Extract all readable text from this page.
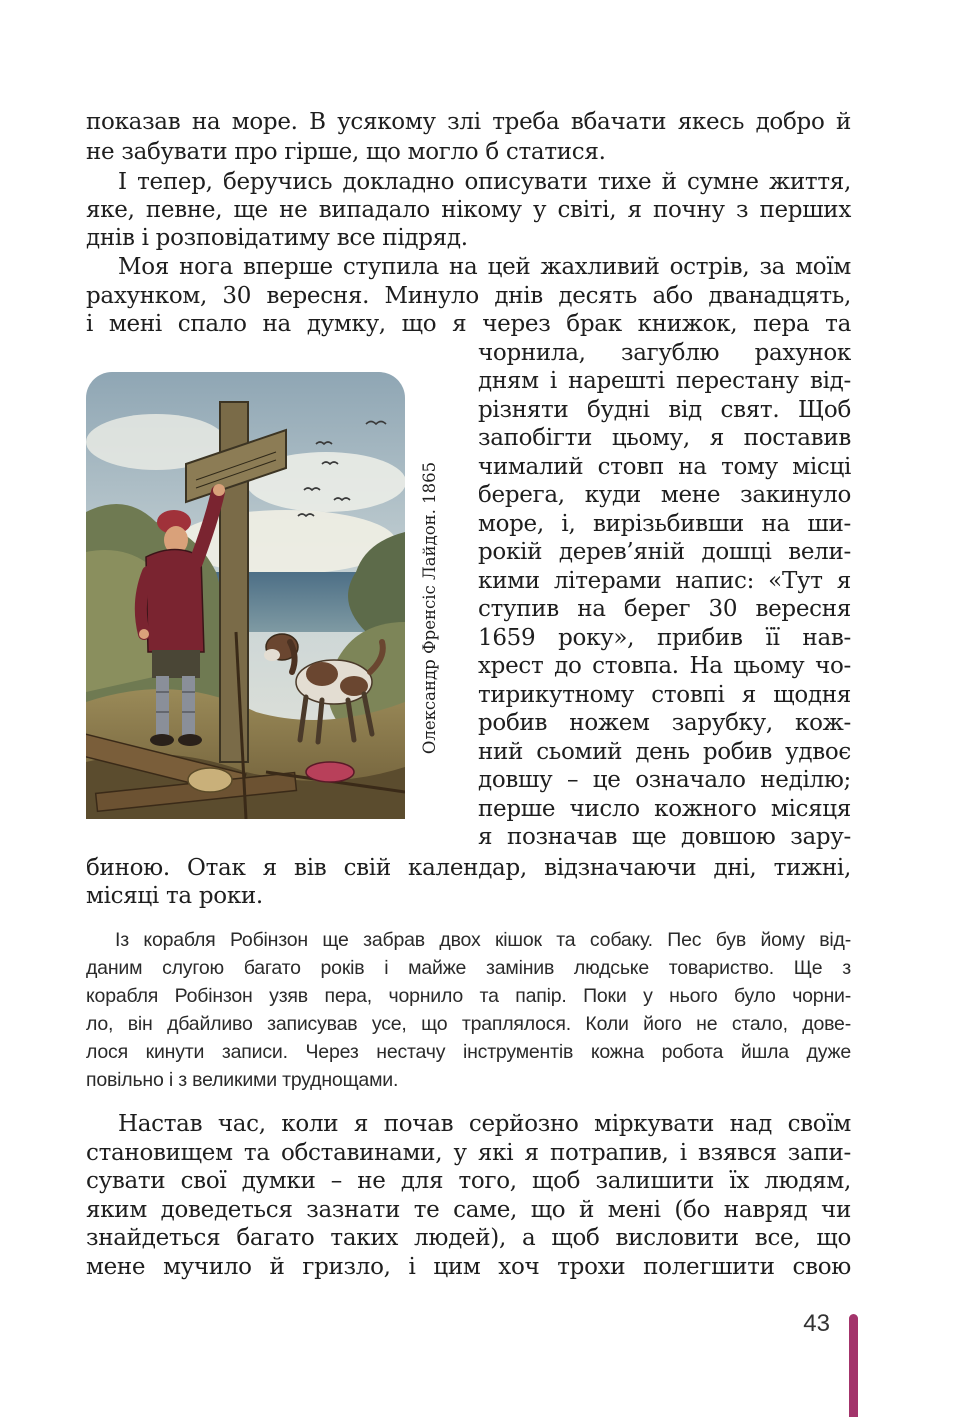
показав на море. В усякому злі треба вбачати якесь добро й
не забувати про гірше, що могло б статися.
І тепер, беручись докладно описувати тихе й сумне життя,
яке, певне, ще не випадало нікому у світі, я почну з перших
днів і розповідатиму все підряд.
Моя нога вперше ступила на цей жахливий острів, за моїм
рахунком, 30 вересня. Минуло днів десять або дванадцять,
і мені спало на думку, що я через брак книжок, пера та
чорнила, загублю рахунок
дням і нарешті перестану від-
різняти будні від свят. Щоб
запобігти цьому, я поставив
чималий стовп на тому місці
берега, куди мене закинуло
море, і, вирізьбивши на ши-
рокій дерев’яній дошці вели-
кими літерами напис: «Тут я
ступив на берег 30 вересня
1659 року», прибив її нав-
хрест до стовпа. На цьому чо-
тирикутному стовпі я щодня
робив ножем зарубку, кож-
ний сьомий день робив удвоє
довшу – це означало неділю;
перше число кожного місяця
я позначав ще довшою зару-
Олександр Френсіс Лайдон. 1865
биною. Отак я вів свій календар, відзначаючи дні, тижні,
місяці та роки.
Із корабля Робінзон ще забрав двох кішок та собаку. Пес був йому від-
даним слугою багато років і майже замінив людське товариство. Ще з
корабля Робінзон узяв пера, чорнило та папір. Поки у нього було чорни-
ло, він дбайливо записував усе, що траплялося. Коли його не стало, дове-
лося кинути записи. Через нестачу інструментів кожна робота йшла дуже
повільно і з великими труднощами.
Настав час, коли я почав серйозно міркувати над своїм
становищем та обставинами, у які я потрапив, і взявся запи-
сувати свої думки – не для того, щоб залишити їх людям,
яким доведеться зазнати те саме, що й мені (бо навряд чи
знайдеться багато таких людей), а щоб висловити все, що
мене мучило й гризло, і цим хоч трохи полегшити свою
43
